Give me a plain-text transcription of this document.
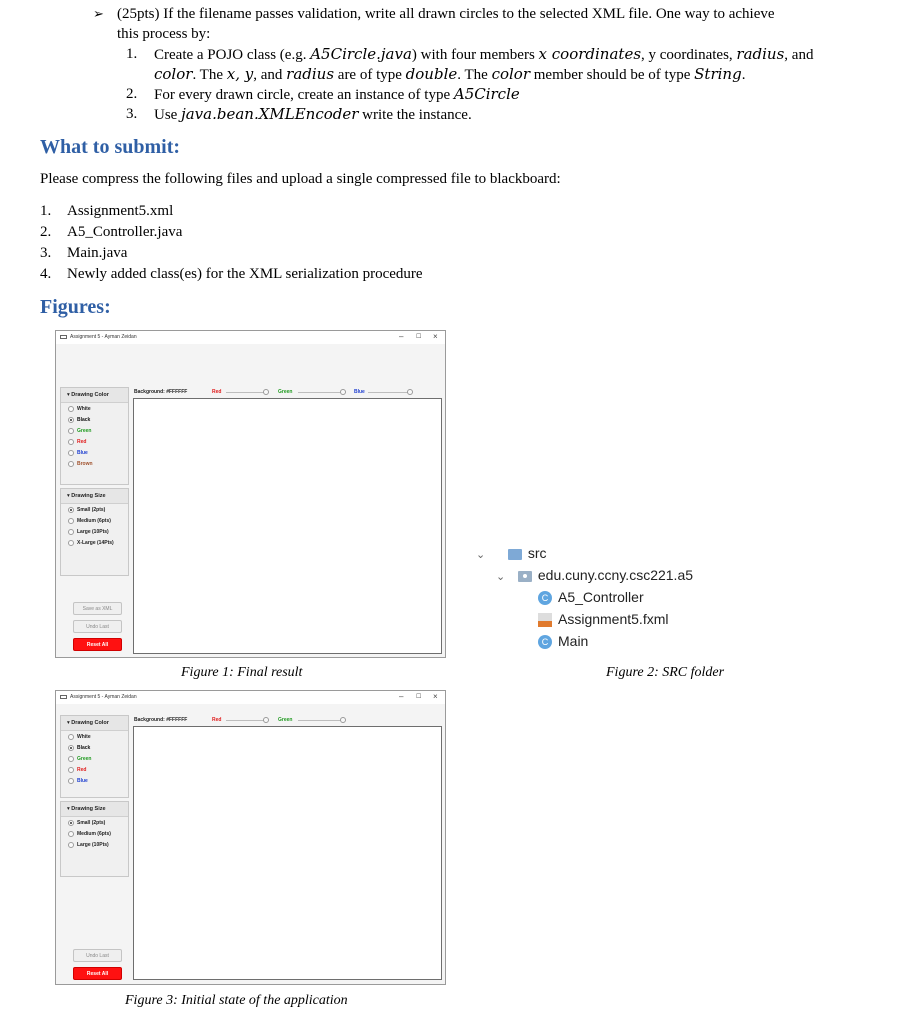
➢ (25pts) If the filename passes validation, write all drawn circles to the selected XML file. One way to achieve
this process by:
1. Create a POJO class (e.g. A5Circle.java) with four members x coordinates, y coordinates, radius, and
color. The x, y, and radius are of type double. The color member should be of type String.
2. For every drawn circle, create an instance of type A5Circle
3. Use java.bean.XMLEncoder write the instance.
What to submit:
Please compress the following files and upload a single compressed file to blackboard:
1. Assignment5.xml
2. A5_Controller.java
3. Main.java
4. Newly added class(es) for the XML serialization procedure
Figures:
Assignment 5 - Ayman Zeidan	– ☐ ×
▾ Drawing Color
White
Black
Green
Red
Blue
Brown
▾ Drawing Size
Small (2pts)
Medium (6pts)
Large (10Pts)
X-Large (14Pts)
Save as XML
Undo Last
Reset All
Background: #FFFFFF	Red	Green	Blue
Figure 1: Final result
⌄	src
⌄ edu.cuny.ccny.csc221.a5
C A5_Controller
Assignment5.fxml
C Main
Figure 2: SRC folder
Assignment 5 - Ayman Zeidan	– ☐ ×
▾ Drawing Color
White
Black
Green
Red
Blue
▾ Drawing Size
Small (2pts)
Medium (6pts)
Large (10Pts)
Undo Last
Reset All
Background: #FFFFFF	Red	Green
Figure 3: Initial state of the application
